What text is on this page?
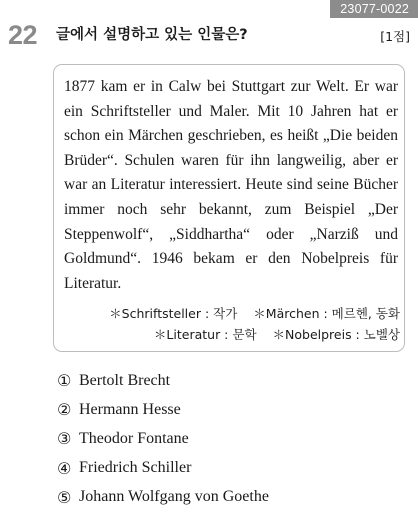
23077-0022
22 글에서 설명하고 있는 인물은?	[1점]
1877 kam er in Calw bei Stuttgart zur Welt. Er war ein Schriftsteller und Maler. Mit 10 Jahren hat er schon ein Märchen geschrieben, es heißt „Die beiden Brüder“. Schulen waren für ihn langweilig, aber er war an Literatur interessiert. Heute sind seine Bücher immer noch sehr bekannt, zum Beispiel „Der Steppenwolf“, „Siddhartha“ oder „Narziß und Goldmund“. 1946 bekam er den Nobelpreis für Literatur.
＊Schriftsteller : 작가 ＊Märchen : 메르헨, 동화
＊Literatur : 문학 ＊Nobelpreis : 노벨상
① Bertolt Brecht
② Hermann Hesse
③ Theodor Fontane
④ Friedrich Schiller
⑤ Johann Wolfgang von Goethe
